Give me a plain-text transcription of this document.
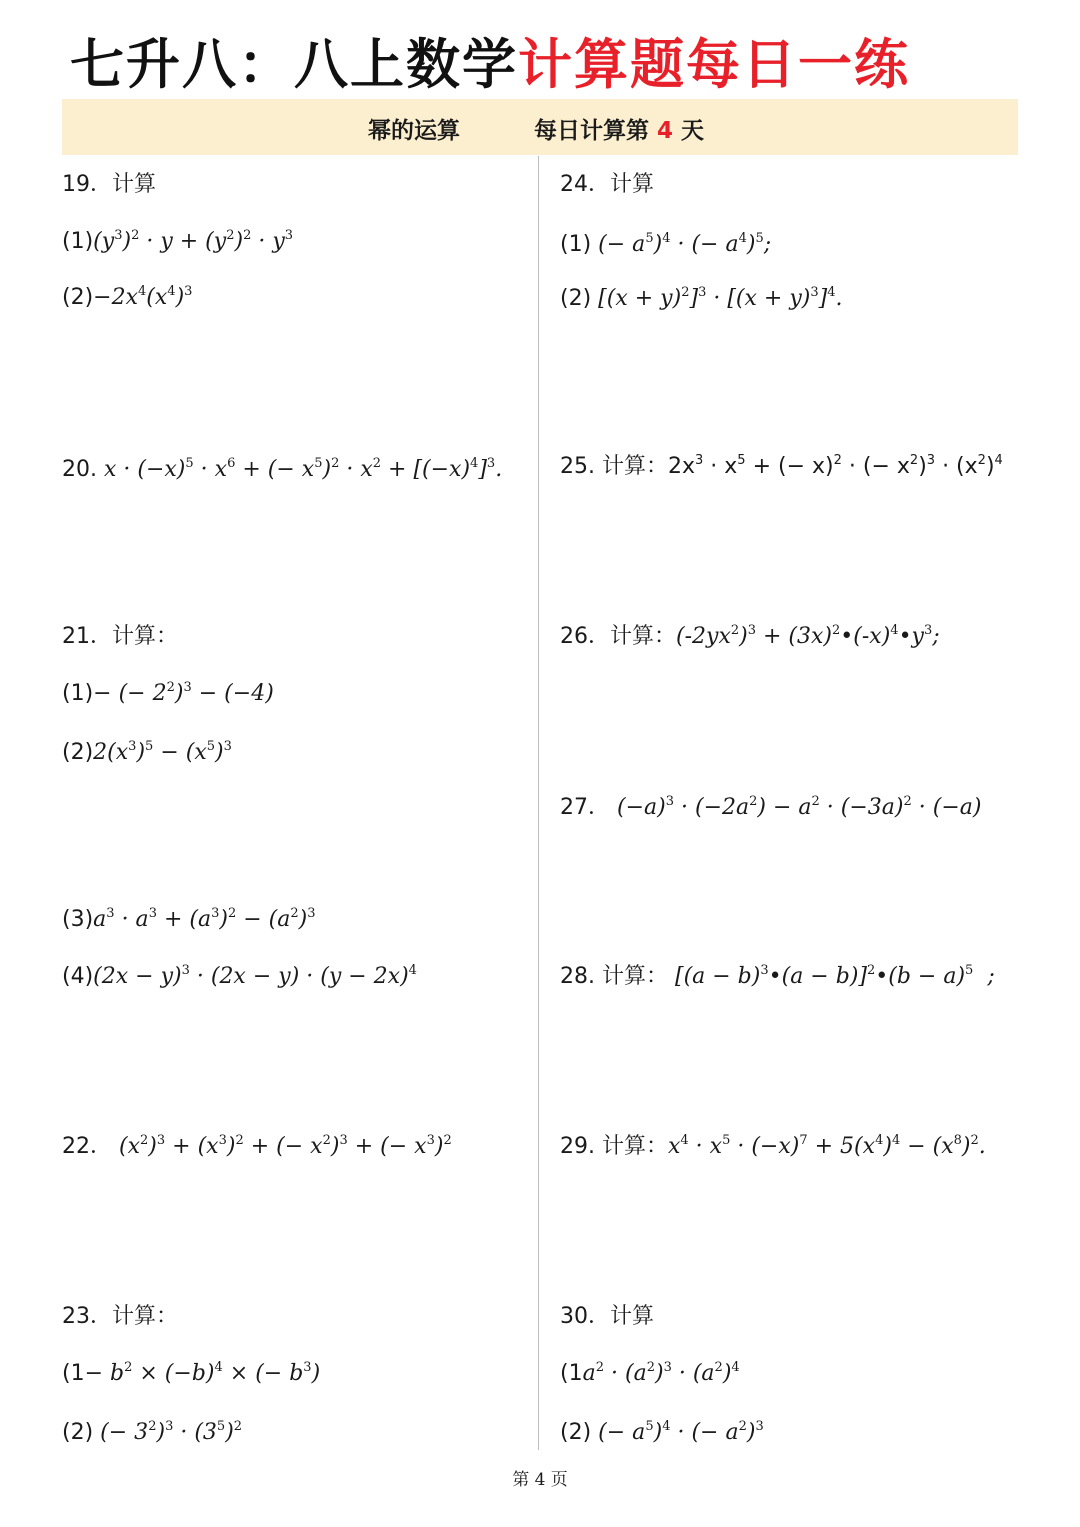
七升八：八上数学计算题每日一练
幂的运算	每日计算第 4 天
19．计算
$(1)(y^3)^2 \cdot y + (y^2)^2 \cdot y^3$
$(2)-2x^4(x^4)^3$
20. $x \cdot (-x)^5 \cdot x^6$ + (− $x^5)^2 \cdot x^2 + [(-x)^4]^3$.
21．计算：
(1)− (− $2^2)^3 - (-4)$
$(2)2(x^3)^5 - (x^5)^3$
$(3)a^3 \cdot a^3 + (a^3)^2 - (a^2)^3$
$(4)(2x - y)^3 \cdot (2x - y) \cdot (y - 2x)^4$
22． $(x^2)^3 + (x^3)^2$ + (− $x^2)^3$ + (− $x^3)^2$
23．计算：
($1- b^2 \times (-b)^4$ × (− $b^3$)
(2) (− $3^2)^3 \cdot (3^5)^2$
24．计算
(1) (− $a^5)^4$ · (− $a^4)^5$;
(2) $[(x + y)^2]^3 \cdot [(x + y)^3]^4$.
25. 计算：$2x^3 \cdot x^5$ + (− x)$^2$ · (− $x^2)^3 \cdot (x^2)^4$
26．计算：$(-2yx^2)^3$ + $(3x)^2•(-x)^4•y^3$;
27． $(-a)^3 \cdot (-2a^2) - a^2 \cdot (-3a)^2 \cdot (-a)$
28. 计算： [$(a - b)^3•(a$ − b)]$^2$•(b − a)$^5$  ;
29. 计算：$x^4 \cdot x^5 \cdot (-x)^7 + 5(x^4)^4 - (x^8)^2$.
30．计算
($1a^2 \cdot (a^2)^3 \cdot (a^2)^4$
(2) (− $a^5)^4$ · (− $a^2)^3$
第 4 页
